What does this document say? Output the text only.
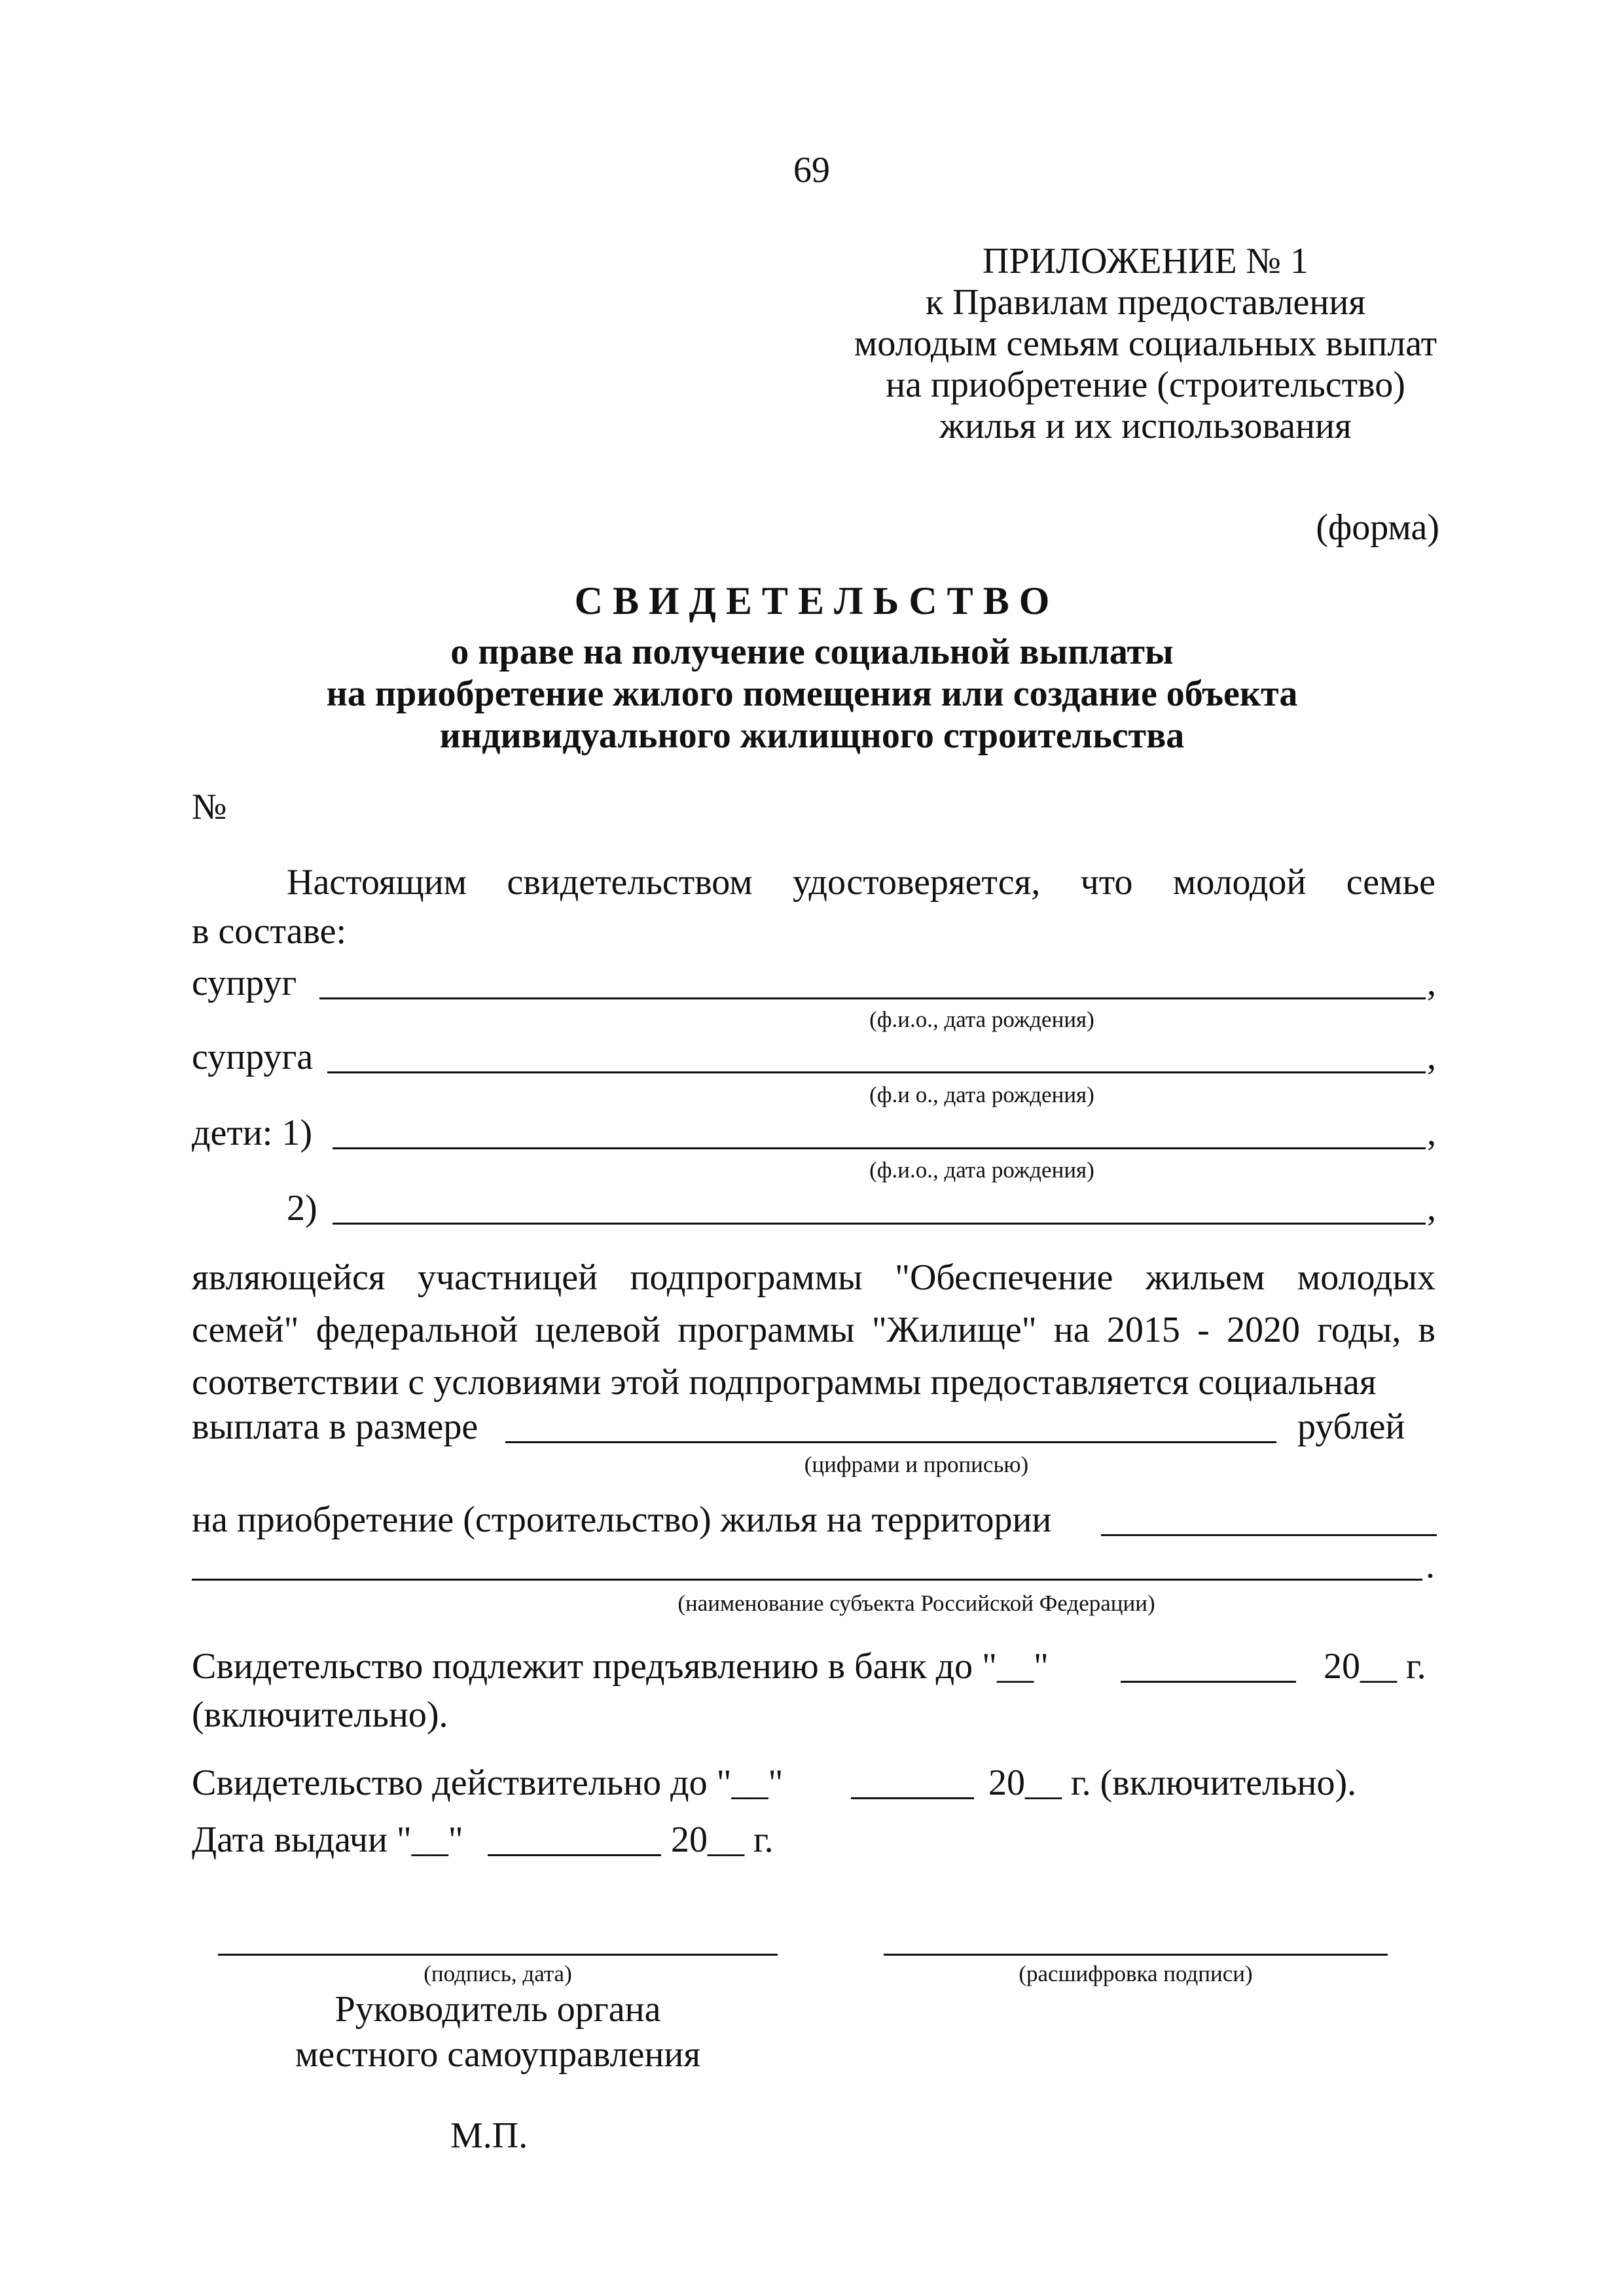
69
ПРИЛОЖЕНИЕ № 1
к Правилам предоставления
молодым семьям социальных выплат
на приобретение (строительство)
жилья и их использования
(форма)
С В И Д Е Т Е Л Ь С Т В О
о праве на получение социальной выплаты
на приобретение жилого помещения или создание объекта
индивидуального жилищного строительства
№
Настоящим свидетельством удостоверяется, что молодой семье
в составе:
супруг	,
(ф.и.о., дата рождения)
супруга	,
(ф.и о., дата рождения)
дети: 1)	,
(ф.и.о., дата рождения)
2)	,
являющейся участницей подпрограммы "Обеспечение жильем молодых семей" федеральной целевой программы "Жилище" на 2015 - 2020 годы, в соответствии с условиями этой подпрограммы предоставляется социальная
выплата в размере	рублей
(цифрами и прописью)
на приобретение (строительство) жилья на территории
.
(наименование субъекта Российской Федерации)
Свидетельство подлежит предъявлению в банк до "__"	20__ г.
(включительно).
Свидетельство действительно до "__"	20__ г. (включительно).
Дата выдачи "__"	20__ г.
(подпись, дата)	(расшифровка подписи)
Руководитель органа
местного самоуправления
М.П.
